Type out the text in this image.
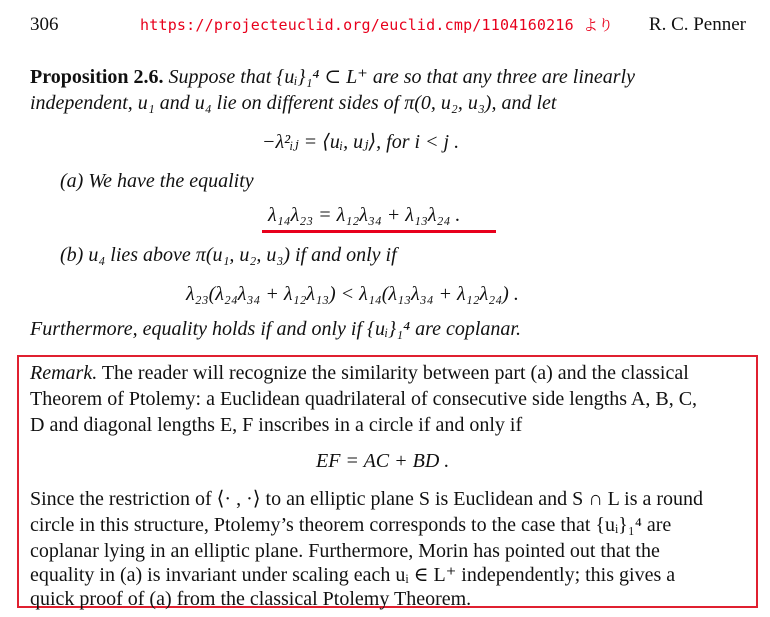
306	https://projecteuclid.org/euclid.cmp/1104160216 より R. C. Penner
Proposition 2.6. Suppose that {uᵢ}₁⁴ ⊂ L⁺ are so that any three are linearly
independent, u₁ and u₄ lie on different sides of π(0, u₂, u₃), and let
−λ²ᵢⱼ = ⟨uᵢ, uⱼ⟩, for i < j .
(a) We have the equality
λ₁₄λ₂₃ = λ₁₂λ₃₄ + λ₁₃λ₂₄ .
(b) u₄ lies above π(u₁, u₂, u₃) if and only if
λ₂₃(λ₂₄λ₃₄ + λ₁₂λ₁₃) < λ₁₄(λ₁₃λ₃₄ + λ₁₂λ₂₄) .
Furthermore, equality holds if and only if {uᵢ}₁⁴ are coplanar.
Remark. The reader will recognize the similarity between part (a) and the classical
Theorem of Ptolemy: a Euclidean quadrilateral of consecutive side lengths A, B, C,
D and diagonal lengths E, F inscribes in a circle if and only if
EF = AC + BD .
Since the restriction of ⟨· , ·⟩ to an elliptic plane S is Euclidean and S ∩ L is a round
circle in this structure, Ptolemy’s theorem corresponds to the case that {uᵢ}₁⁴ are
coplanar lying in an elliptic plane. Furthermore, Morin has pointed out that the
equality in (a) is invariant under scaling each uᵢ ∈ L⁺ independently; this gives a
quick proof of (a) from the classical Ptolemy Theorem.
